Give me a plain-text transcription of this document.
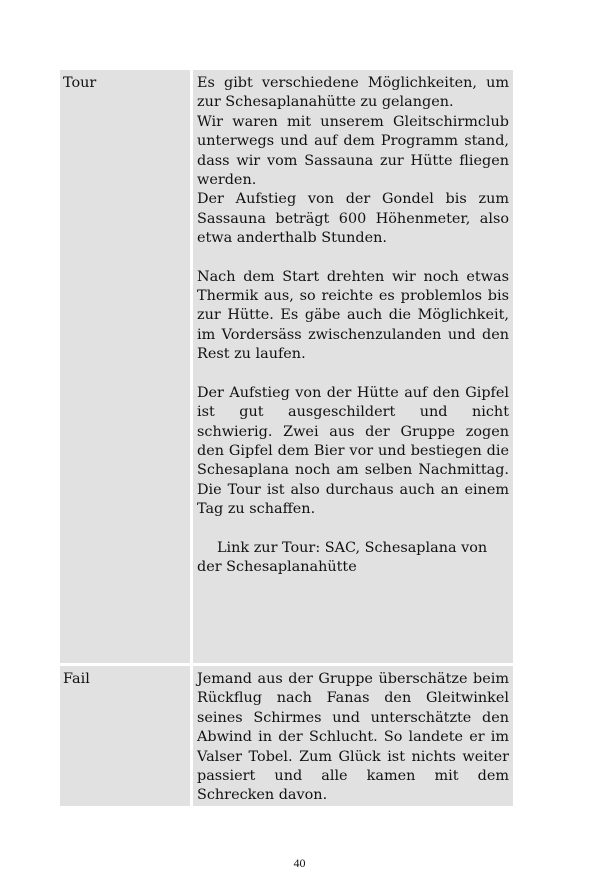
Tour	Es gibt verschiedene Möglichkeiten, um zur Schesaplanahütte zu gelangen.

Wir waren mit unserem Gleitschirmclub unterwegs und auf dem Programm stand, dass wir vom Sassauna zur Hütte fliegen werden.

Der Aufstieg von der Gondel bis zum Sassauna beträgt 600 Höhenmeter, also etwa anderthalb Stunden.

Nach dem Start drehten wir noch etwas Thermik aus, so reichte es problemlos bis zur Hütte. Es gäbe auch die Möglichkeit, im Vordersäss zwischenzulanden und den Rest zu laufen.

Der Aufstieg von der Hütte auf den Gipfel ist gut ausgeschildert und nicht schwierig. Zwei aus der Gruppe zogen den Gipfel dem Bier vor und bestiegen die Schesaplana noch am selben Nachmittag. Die Tour ist also durchaus auch an einem Tag zu schaffen.

Link zur Tour: SAC, Schesaplana von der Schesaplanahütte

Fail	Jemand aus der Gruppe überschätze beim Rückflug nach Fanas den Gleitwinkel seines Schirmes und unterschätzte den Abwind in der Schlucht. So landete er im Valser Tobel. Zum Glück ist nichts weiter passiert und alle kamen mit dem Schrecken davon.

40
